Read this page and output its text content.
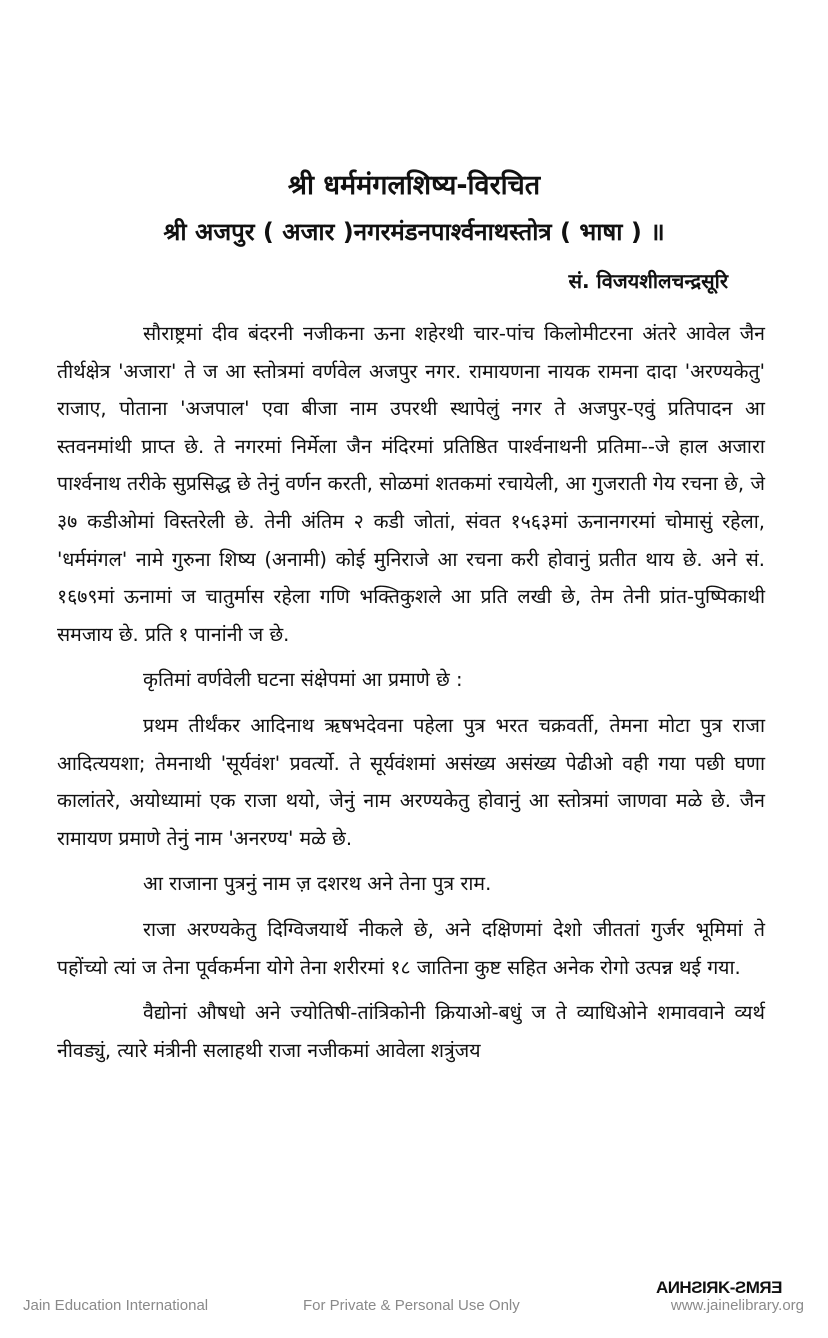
श्री धर्ममंगलशिष्य-विरचित
श्री अजपुर ( अजार )नगरमंडनपार्श्वनाथस्तोत्र ( भाषा ) ॥
सं. विजयशीलचन्द्रसूरि

सौराष्ट्रमां दीव बंदरनी नजीकना ऊना शहेरथी चार-पांच किलोमीटरना अंतरे आवेल जैन तीर्थक्षेत्र 'अजारा' ते ज आ स्तोत्रमां वर्णवेल अजपुर नगर. रामायणना नायक रामना दादा 'अरण्यकेतु' राजाए, पोताना 'अजपाल' एवा बीजा नाम उपरथी स्थापेलुं नगर ते अजपुर-एवुं प्रतिपादन आ स्तवनमांथी प्राप्त छे. ते नगरमां निर्मेला जैन मंदिरमां प्रतिष्ठित पार्श्वनाथनी प्रतिमा--जे हाल अजारा पार्श्वनाथ तरीके सुप्रसिद्ध छे तेनुं वर्णन करती, सोळमां शतकमां रचायेली, आ गुजराती गेय रचना छे, जे ३७ कडीओमां विस्तरेली छे. तेनी अंतिम २ कडी जोतां, संवत १५६३मां ऊनानगरमां चोमासुं रहेला, 'धर्ममंगल' नामे गुरुना शिष्य (अनामी) कोई मुनिराजे आ रचना करी होवानुं प्रतीत थाय छे. अने सं. १६७९मां ऊनामां ज चातुर्मास रहेला गणि भक्तिकुशले आ प्रति लखी छे, तेम तेनी प्रांत-पुष्पिकाथी समजाय छे. प्रति १ पानांनी ज छे.

कृतिमां वर्णवेली घटना संक्षेपमां आ प्रमाणे छे :

प्रथम तीर्थंकर आदिनाथ ऋषभदेवना पहेला पुत्र भरत चक्रवर्ती, तेमना मोटा पुत्र राजा आदित्ययशा; तेमनाथी 'सूर्यवंश' प्रवर्त्यो. ते सूर्यवंशमां असंख्य असंख्य पेढीओ वही गया पछी घणा कालांतरे, अयोध्यामां एक राजा थयो, जेनुं नाम अरण्यकेतु होवानुं आ स्तोत्रमां जाणवा मळे छे. जैन रामायण प्रमाणे तेनुं नाम 'अनरण्य' मळे छे.

आ राजाना पुत्रनुं नाम ज़ दशरथ अने तेना पुत्र राम.

राजा अरण्यकेतु दिग्विजयार्थे नीकले छे, अने दक्षिणमां देशो जीततां गुर्जर भूमिमां ते पहोंच्यो त्यां ज तेना पूर्वकर्मना योगे तेना शरीरमां १८ जातिना कुष्ट सहित अनेक रोगो उत्पन्न थई गया.

वैद्योनां औषधो अने ज्योतिषी-तांत्रिकोनी क्रियाओ-बधुं ज ते व्याधिओने शमाववाने व्यर्थ नीवड्युं, त्यारे मंत्रीनी सलाहथी राजा नजीकमां आवेला शत्रुंजय

AИHƧIЯK-ƧMЯƎ
Jain Education International	For Private & Personal Use Only	www.jainelibrary.org
